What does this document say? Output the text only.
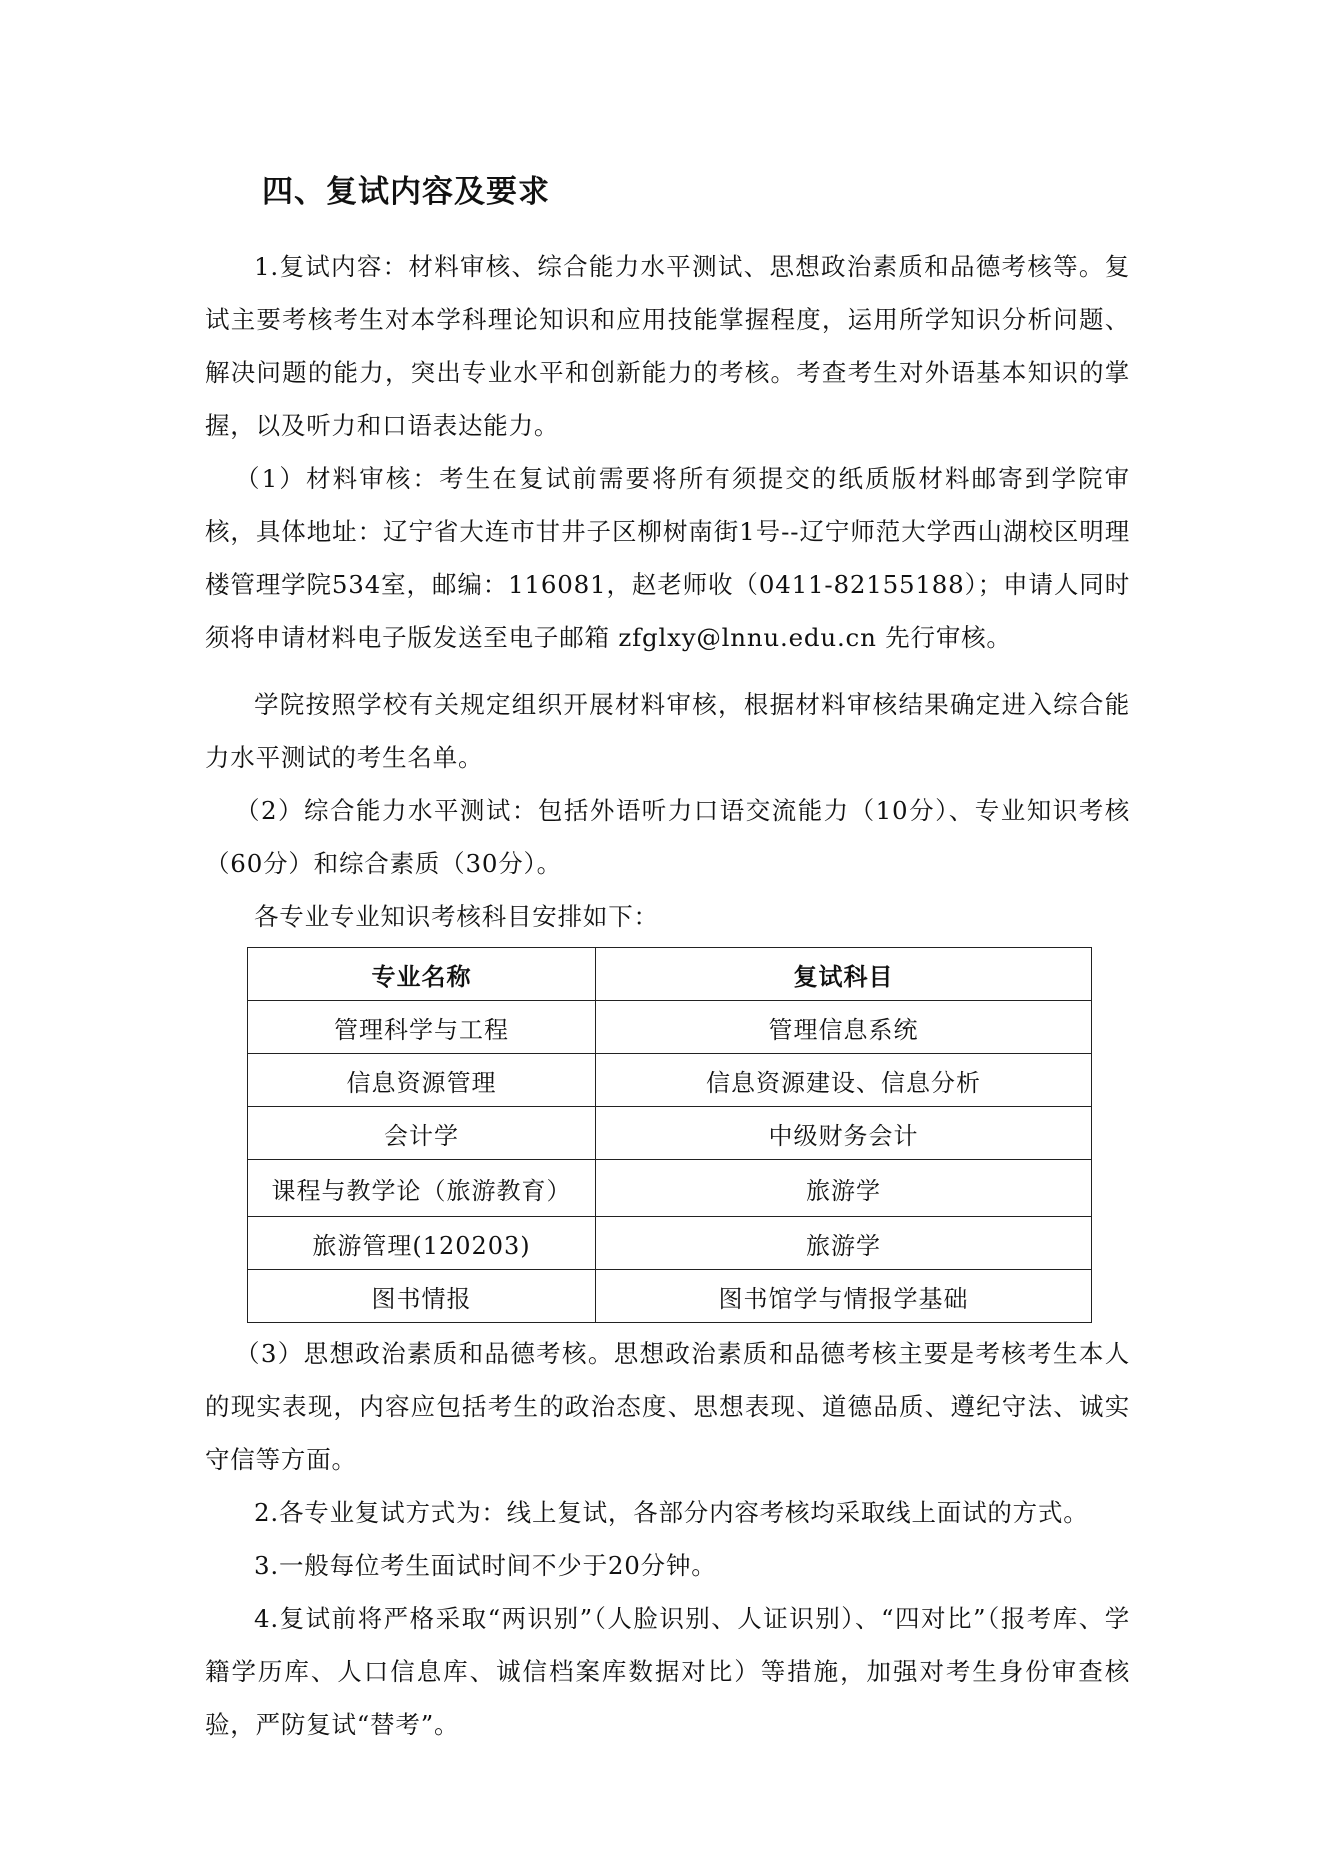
四、复试内容及要求

1.复试内容：材料审核、综合能力水平测试、思想政治素质和品德考核等。复试主要考核考生对本学科理论知识和应用技能掌握程度，运用所学知识分析问题、解决问题的能力，突出专业水平和创新能力的考核。考查考生对外语基本知识的掌握，以及听力和口语表达能力。

（1）材料审核：考生在复试前需要将所有须提交的纸质版材料邮寄到学院审核，具体地址：辽宁省大连市甘井子区柳树南街1号--辽宁师范大学西山湖校区明理楼管理学院534室，邮编：116081，赵老师收（0411-82155188）；申请人同时须将申请材料电子版发送至电子邮箱 zfglxy@lnnu.edu.cn 先行审核。

学院按照学校有关规定组织开展材料审核，根据材料审核结果确定进入综合能力水平测试的考生名单。

（2）综合能力水平测试：包括外语听力口语交流能力（10分）、专业知识考核（60分）和综合素质（30分）。

各专业专业知识考核科目安排如下：

专业名称	复试科目
管理科学与工程	管理信息系统
信息资源管理	信息资源建设、信息分析
会计学	中级财务会计
课程与教学论（旅游教育）	旅游学
旅游管理(120203)	旅游学
图书情报	图书馆学与情报学基础

（3）思想政治素质和品德考核。思想政治素质和品德考核主要是考核考生本人的现实表现，内容应包括考生的政治态度、思想表现、道德品质、遵纪守法、诚实守信等方面。

2.各专业复试方式为：线上复试，各部分内容考核均采取线上面试的方式。

3.一般每位考生面试时间不少于20分钟。

4.复试前将严格采取“两识别”（人脸识别、人证识别）、“四对比”（报考库、学籍学历库、人口信息库、诚信档案库数据对比）等措施，加强对考生身份审查核验，严防复试“替考”。
